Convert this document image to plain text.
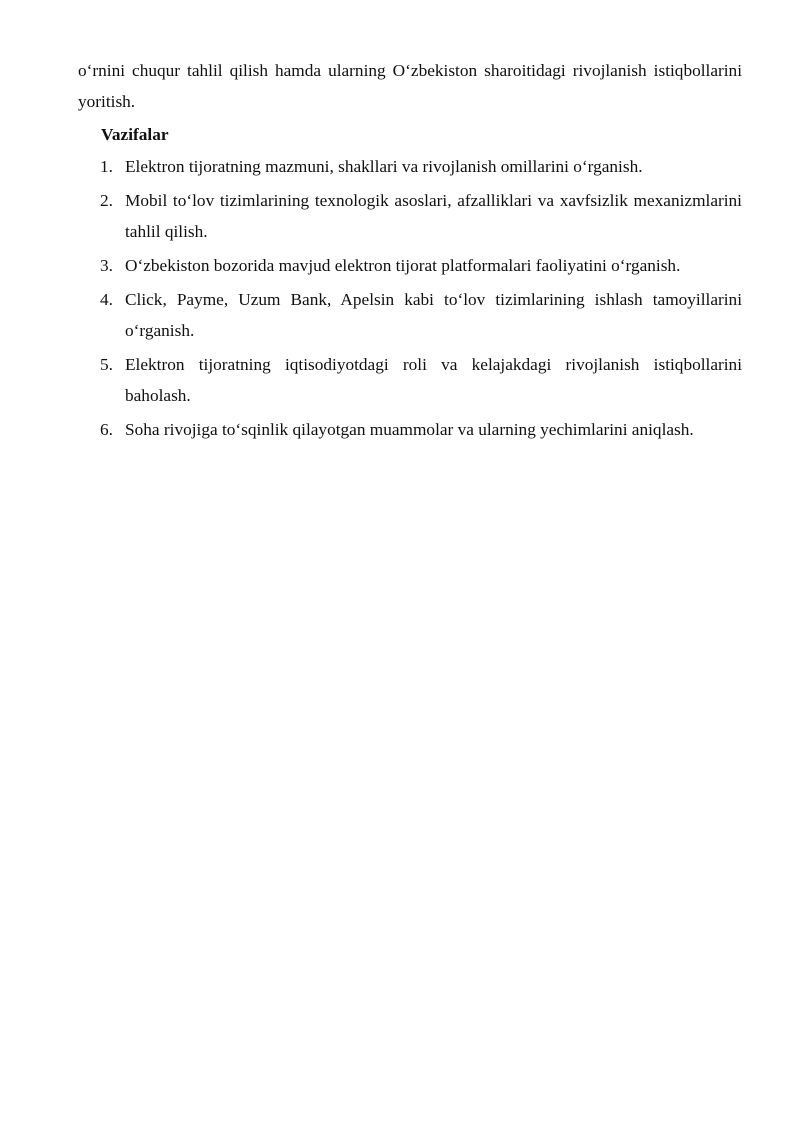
o‘rnini chuqur tahlil qilish hamda ularning O‘zbekiston sharoitidagi rivojlanish istiqbollarini yoritish.

Vazifalar
1. Elektron tijoratning mazmuni, shakllari va rivojlanish omillarini o‘rganish.
2. Mobil to‘lov tizimlarining texnologik asoslari, afzalliklari va xavfsizlik mexanizmlarini tahlil qilish.
3. O‘zbekiston bozorida mavjud elektron tijorat platformalari faoliyatini o‘rganish.
4. Click, Payme, Uzum Bank, Apelsin kabi to‘lov tizimlarining ishlash tamoyillarini o‘rganish.
5. Elektron tijoratning iqtisodiyotdagi roli va kelajakdagi rivojlanish istiqbollarini baholash.
6. Soha rivojiga to‘sqinlik qilayotgan muammolar va ularning yechimlarini aniqlash.
